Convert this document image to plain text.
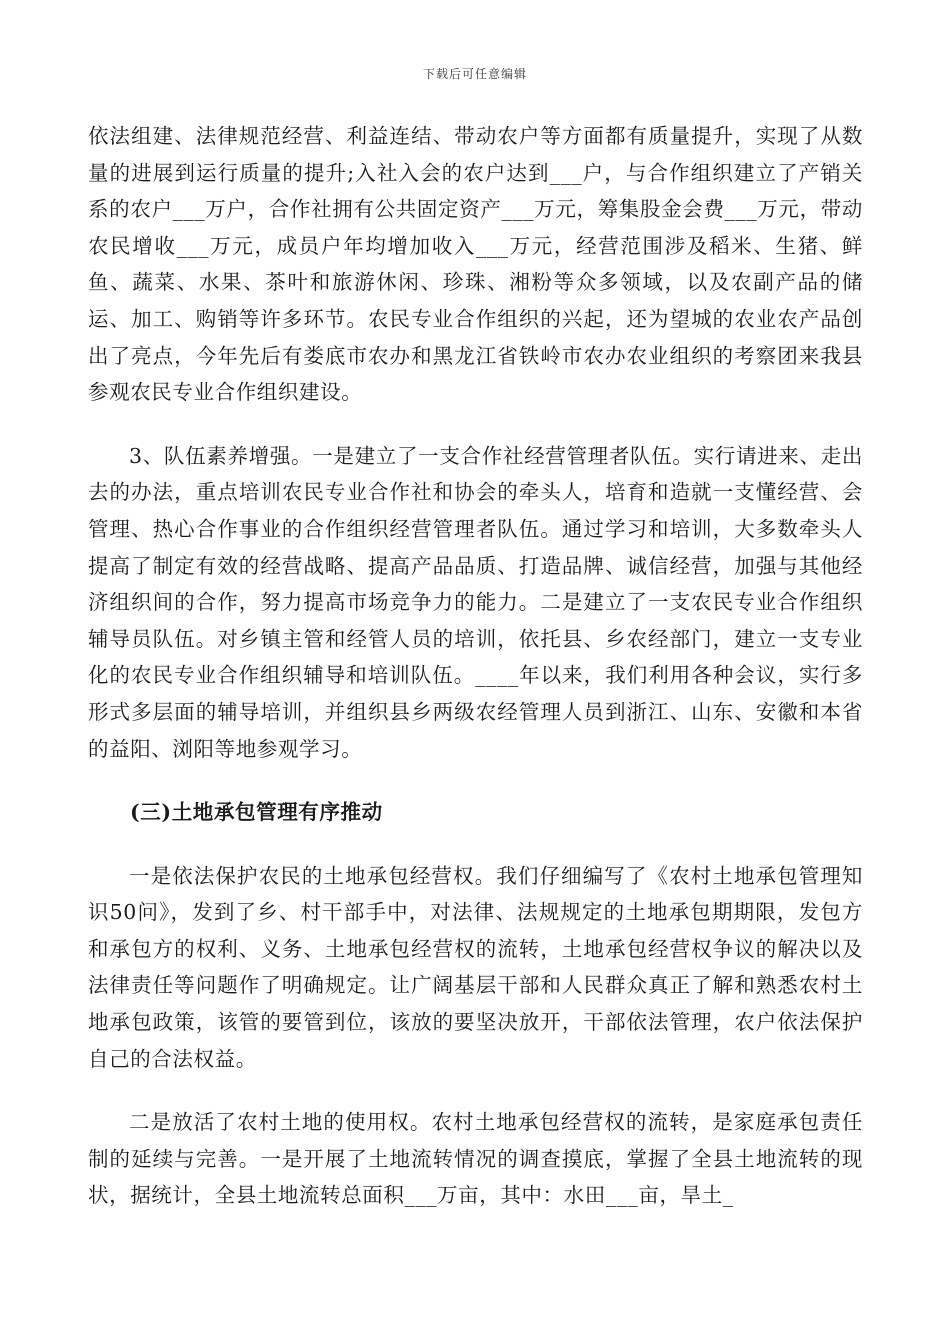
下载后可任意编辑

依法组建、法律规范经营、利益连结、带动农户等方面都有质量提升，实现了从数量的进展到运行质量的提升;入社入会的农户达到___户，与合作组织建立了产销关系的农户___万户，合作社拥有公共固定资产___万元，筹集股金会费___万元，带动农民增收___万元，成员户年均增加收入___万元，经营范围涉及稻米、生猪、鲜鱼、蔬菜、水果、茶叶和旅游休闲、珍珠、湘粉等众多领域，以及农副产品的储运、加工、购销等许多环节。农民专业合作组织的兴起，还为望城的农业农产品创出了亮点，今年先后有娄底市农办和黑龙江省铁岭市农办农业组织的考察团来我县参观农民专业合作组织建设。

3、队伍素养增强。一是建立了一支合作社经营管理者队伍。实行请进来、走出去的办法，重点培训农民专业合作社和协会的牵头人，培育和造就一支懂经营、会管理、热心合作事业的合作组织经营管理者队伍。通过学习和培训，大多数牵头人提高了制定有效的经营战略、提高产品品质、打造品牌、诚信经营，加强与其他经济组织间的合作，努力提高市场竞争力的能力。二是建立了一支农民专业合作组织辅导员队伍。对乡镇主管和经管人员的培训，依托县、乡农经部门，建立一支专业化的农民专业合作组织辅导和培训队伍。____年以来，我们利用各种会议，实行多形式多层面的辅导培训，并组织县乡两级农经管理人员到浙江、山东、安徽和本省的益阳、浏阳等地参观学习。

(三)土地承包管理有序推动

一是依法保护农民的土地承包经营权。我们仔细编写了《农村土地承包管理知识50问》，发到了乡、村干部手中，对法律、法规规定的土地承包期期限，发包方和承包方的权利、义务、土地承包经营权的流转，土地承包经营权争议的解决以及法律责任等问题作了明确规定。让广阔基层干部和人民群众真正了解和熟悉农村土地承包政策，该管的要管到位，该放的要坚决放开，干部依法管理，农户依法保护自己的合法权益。

二是放活了农村土地的使用权。农村土地承包经营权的流转，是家庭承包责任制的延续与完善。一是开展了土地流转情况的调查摸底，掌握了全县土地流转的现状，据统计，全县土地流转总面积___万亩，其中：水田___亩，旱土_
